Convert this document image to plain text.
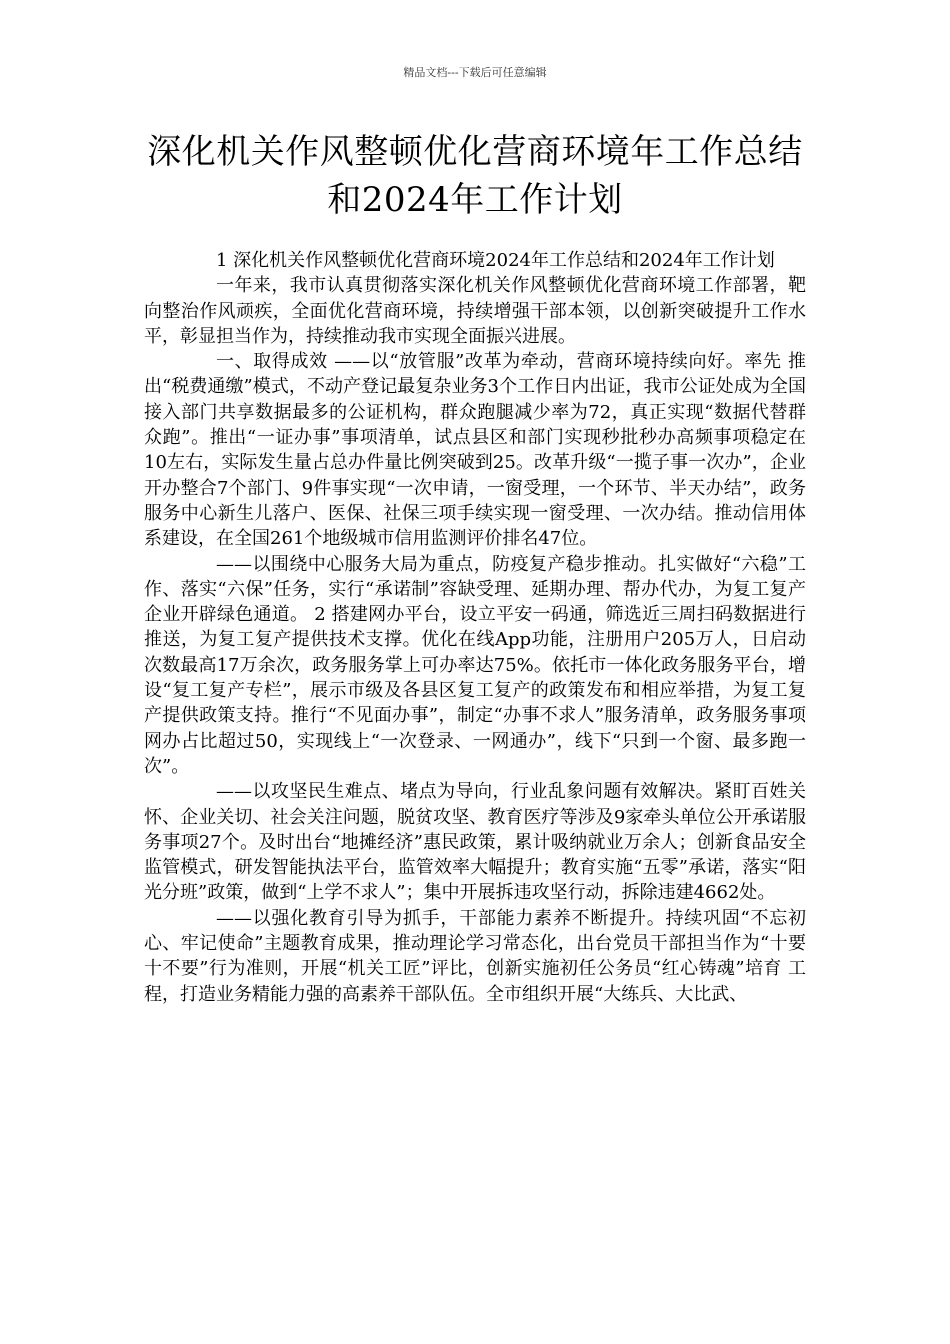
精品文档---下载后可任意编辑
深化机关作风整顿优化营商环境年工作总结和2024年工作计划

1 深化机关作风整顿优化营商环境2024年工作总结和2024年工作计划

一年来，我市认真贯彻落实深化机关作风整顿优化营商环境工作部署，靶向整治作风顽疾，全面优化营商环境，持续增强干部本领，以创新突破提升工作水平，彰显担当作为，持续推动我市实现全面振兴进展。

一、取得成效 ——以“放管服”改革为牵动，营商环境持续向好。率先 推出“税费通缴”模式，不动产登记最复杂业务3个工作日内出证，我市公证处成为全国接入部门共享数据最多的公证机构，群众跑腿减少率为72，真正实现“数据代替群众跑”。推出“一证办事”事项清单，试点县区和部门实现秒批秒办高频事项稳定在10左右，实际发生量占总办件量比例突破到25。改革升级“一揽子事一次办”，企业开办整合7个部门、9件事实现“一次申请，一窗受理，一个环节、半天办结”，政务服务中心新生儿落户、医保、社保三项手续实现一窗受理、一次办结。推动信用体系建设，在全国261个地级城市信用监测评价排名47位。

——以围绕中心服务大局为重点，防疫复产稳步推动。扎实做好“六稳”工作、落实“六保”任务，实行“承诺制”容缺受理、延期办理、帮办代办，为复工复产企业开辟绿色通道。 2 搭建网办平台，设立平安一码通，筛选近三周扫码数据进行推送，为复工复产提供技术支撑。优化在线App功能，注册用户205万人，日启动次数最高17万余次，政务服务掌上可办率达75%。依托市一体化政务服务平台，增设“复工复产专栏”，展示市级及各县区复工复产的政策发布和相应举措，为复工复产提供政策支持。推行“不见面办事”，制定“办事不求人”服务清单，政务服务事项网办占比超过50，实现线上“一次登录、一网通办”，线下“只到一个窗、最多跑一次”。

——以攻坚民生难点、堵点为导向，行业乱象问题有效解决。紧盯百姓关怀、企业关切、社会关注问题，脱贫攻坚、教育医疗等涉及9家牵头单位公开承诺服务事项27个。及时出台“地摊经济”惠民政策，累计吸纳就业万余人；创新食品安全监管模式，研发智能执法平台，监管效率大幅提升；教育实施“五零”承诺，落实“阳光分班”政策，做到“上学不求人”；集中开展拆违攻坚行动，拆除违建4662处。

——以强化教育引导为抓手，干部能力素养不断提升。持续巩固“不忘初心、牢记使命”主题教育成果，推动理论学习常态化，出台党员干部担当作为“十要十不要”行为准则，开展“机关工匠”评比，创新实施初任公务员“红心铸魂”培育 工程，打造业务精能力强的高素养干部队伍。全市组织开展“大练兵、大比武、
